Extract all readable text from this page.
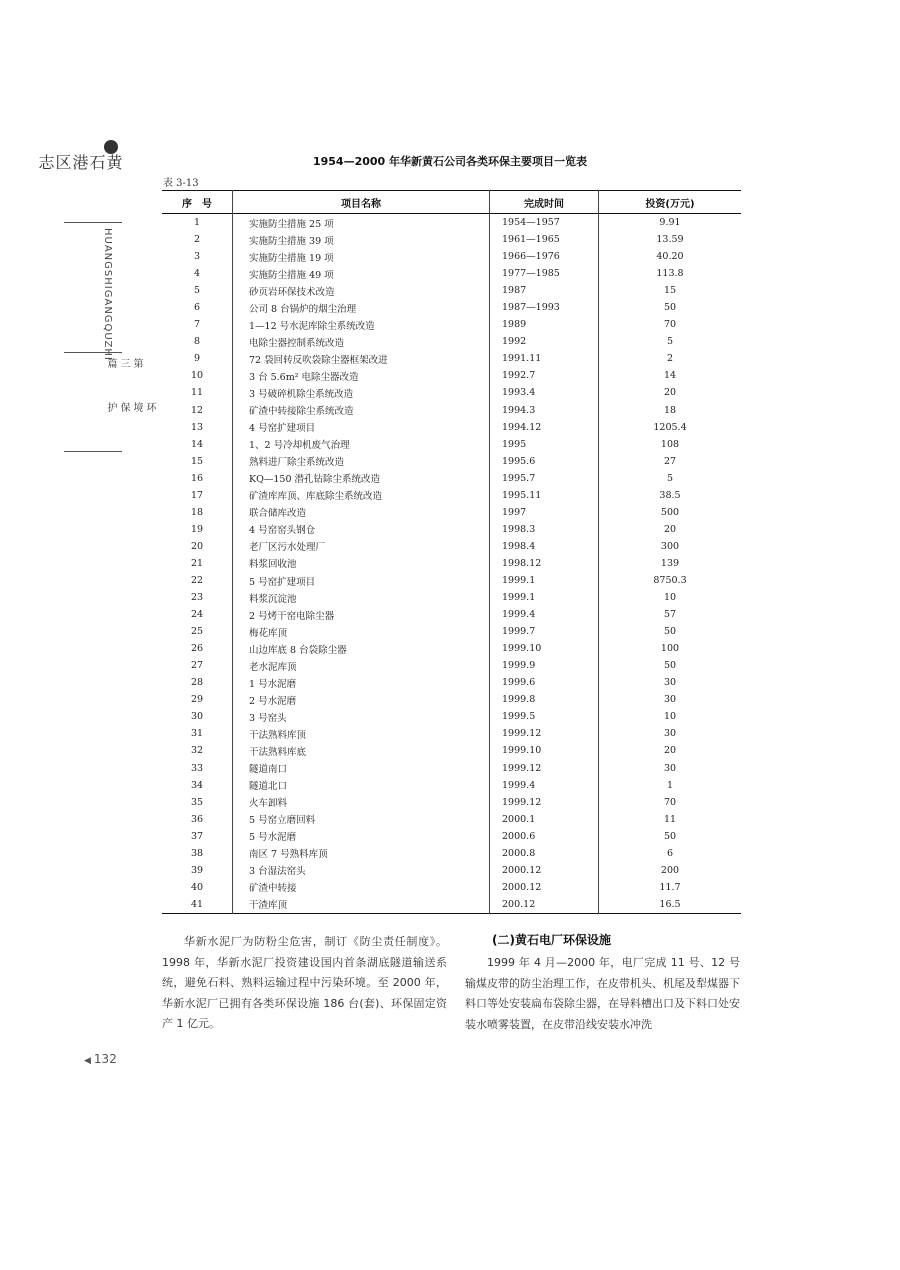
黄石港区志
HUANGSHIGANGQUZHI
第三篇
环境保护
1954—2000 年华新黄石公司各类环保主要项目一览表
表 3-13
序　号	项目名称	完成时间	投资(万元)
1	实施防尘措施 25 项	1954—1957	9.91
2	实施防尘措施 39 项	1961—1965	13.59
3	实施防尘措施 19 项	1966—1976	40.20
4	实施防尘措施 49 项	1977—1985	113.8
5	砂页岩环保技术改造	1987	15
6	公司 8 台锅炉的烟尘治理	1987—1993	50
7	1—12 号水泥库除尘系统改造	1989	70
8	电除尘器控制系统改造	1992	5
9	72 袋回转反吹袋除尘器框架改进	1991.11	2
10	3 台 5.6m² 电除尘器改造	1992.7	14
11	3 号破碎机除尘系统改造	1993.4	20
12	矿渣中转接除尘系统改造	1994.3	18
13	4 号窑扩建项目	1994.12	1205.4
14	1、2 号冷却机废气治理	1995	108
15	熟料进厂除尘系统改造	1995.6	27
16	KQ—150 潜孔钻除尘系统改造	1995.7	5
17	矿渣库库顶、库底除尘系统改造	1995.11	38.5
18	联合储库改造	1997	500
19	4 号窑窑头钢仓	1998.3	20
20	老厂区污水处理厂	1998.4	300
21	料浆回收池	1998.12	139
22	5 号窑扩建项目	1999.1	8750.3
23	料浆沉淀池	1999.1	10
24	2 号烤干窑电除尘器	1999.4	57
25	梅花库顶	1999.7	50
26	山边库底 8 台袋除尘器	1999.10	100
27	老水泥库顶	1999.9	50
28	1 号水泥磨	1999.6	30
29	2 号水泥磨	1999.8	30
30	3 号窑头	1999.5	10
31	干法熟料库顶	1999.12	30
32	干法熟料库底	1999.10	20
33	隧道南口	1999.12	30
34	隧道北口	1999.4	1
35	火车卸料	1999.12	70
36	5 号窑立磨回料	2000.1	11
37	5 号水泥磨	2000.6	50
38	南区 7 号熟料库顶	2000.8	6
39	3 台湿法窑头	2000.12	200
40	矿渣中转接	2000.12	11.7
41	干渣库顶	200.12	16.5
华新水泥厂为防粉尘危害，制订《防尘责任制度》。1998 年，华新水泥厂投资建设国内首条湖底隧道输送系统，避免石料、熟料运输过程中污染环境。至 2000 年，华新水泥厂已拥有各类环保设施 186 台(套)、环保固定资产 1 亿元。
(二)黄石电厂环保设施
1999 年 4 月—2000 年，电厂完成 11 号、12 号输煤皮带的防尘治理工作，在皮带机头、机尾及犁煤器下料口等处安装扁布袋除尘器，在导料槽出口及下料口处安装水喷雾装置，在皮带沿线安装水冲洗
◀ 132
